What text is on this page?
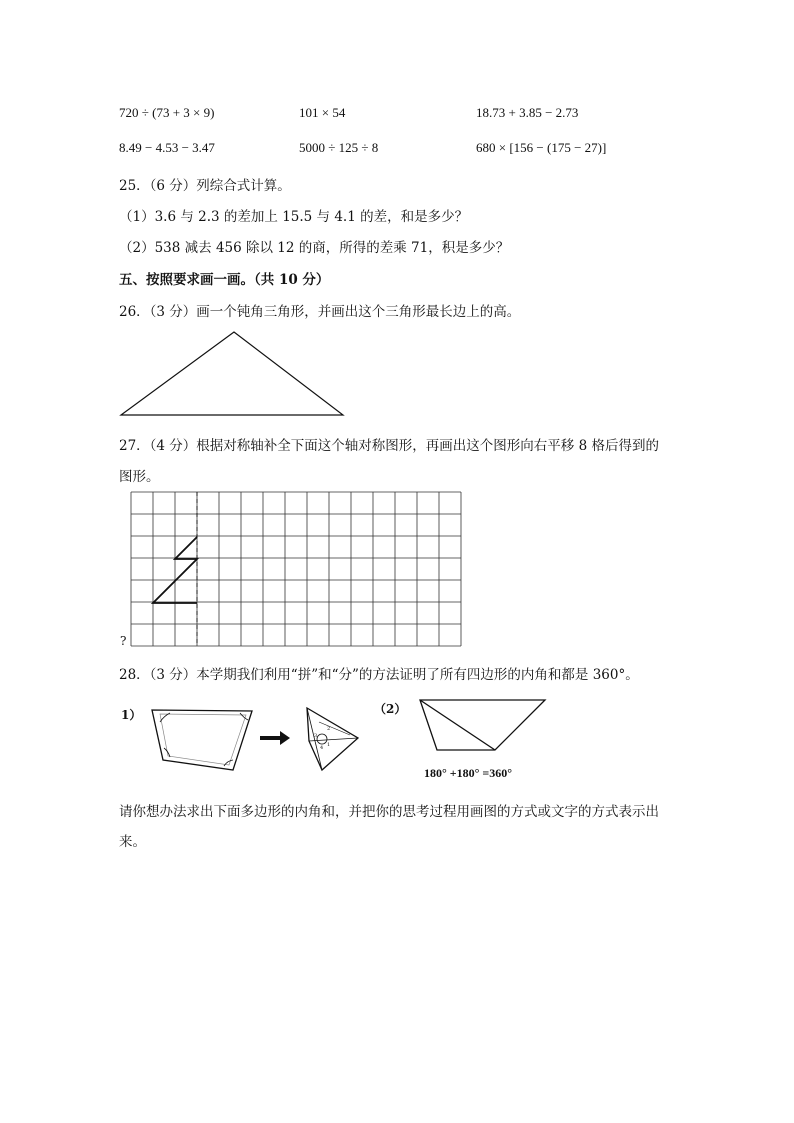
720 ÷ (73 + 3 × 9)	101 × 54	18.73 + 3.85 − 2.73
8.49 − 4.53 − 3.47	5000 ÷ 125 ÷ 8	680 × [156 − (175 − 27)]
25．（6 分）列综合式计算。
（1）3.6 与 2.3 的差加上 15.5 与 4.1 的差，和是多少？
（2）538 减去 456 除以 12 的商，所得的差乘 71，积是多少？
五、按照要求画一画。（共 10 分）
26．（3 分）画一个钝角三角形，并画出这个三角形最长边上的高。
27．（4 分）根据对称轴补全下面这个轴对称图形，再画出这个图形向右平移 8 格后得到的
图形。
?
28．（3 分）本学期我们利用“拼”和“分”的方法证明了所有四边形的内角和都是 360°。
1）
3
2
1
4
（2）
180° +180° =360°
请你想办法求出下面多边形的内角和，并把你的思考过程用画图的方式或文字的方式表示出
来。
